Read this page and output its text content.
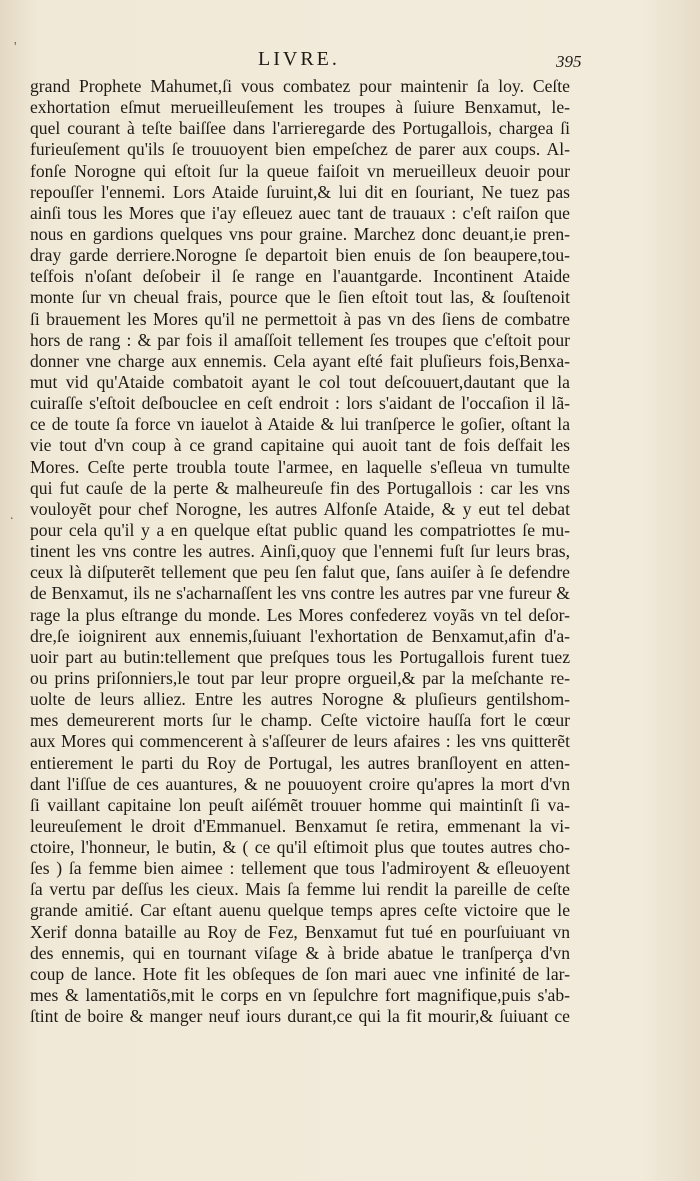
'
.
LIVRE.	395
grand Prophete Mahumet,ſi vous combatez pour maintenir ſa loy. Ceſte
exhortation eſmut merueilleuſement les troupes à ſuiure Benxamut, le-
quel courant à teſte baiſſee dans l'arrieregarde des Portugallois, chargea ſi
furieuſement qu'ils ſe trouuoyent bien empeſchez de parer aux coups. Al-
fonſe Norogne qui eſtoit ſur la queue faiſoit vn merueilleux deuoir pour
repouſſer l'ennemi. Lors Ataide ſuruint,& lui dit en ſouriant, Ne tuez pas
ainſi tous les Mores que i'ay eſleuez auec tant de trauaux : c'eſt raiſon que
nous en gardions quelques vns pour graine. Marchez donc deuant,ie pren-
dray garde derriere.Norogne ſe departoit bien enuis de ſon beaupere,tou-
teſfois n'oſant deſobeir il ſe range en l'auantgarde. Incontinent Ataide
monte ſur vn cheual frais, pource que le ſien eſtoit tout las, & ſouſtenoit
ſi brauement les Mores qu'il ne permettoit à pas vn des ſiens de combatre
hors de rang : & par fois il amaſſoit tellement ſes troupes que c'eſtoit pour
donner vne charge aux ennemis. Cela ayant eſté fait pluſieurs fois,Benxa-
mut vid qu'Ataide combatoit ayant le col tout deſcouuert,dautant que la
cuiraſſe s'eſtoit deſbouclee en ceſt endroit : lors s'aidant de l'occaſion il lã-
ce de toute ſa force vn iauelot à Ataide & lui tranſperce le goſier, oſtant la
vie tout d'vn coup à ce grand capitaine qui auoit tant de fois deſfait les
Mores. Ceſte perte troubla toute l'armee, en laquelle s'eſleua vn tumulte
qui fut cauſe de la perte & malheureuſe fin des Portugallois : car les vns
vouloyẽt pour chef Norogne, les autres Alfonſe Ataide, & y eut tel debat
pour cela qu'il y a en quelque eſtat public quand les compatriottes ſe mu-
tinent les vns contre les autres. Ainſi,quoy que l'ennemi fuſt ſur leurs bras,
ceux là diſputerẽt tellement que peu ſen falut que, ſans auiſer à ſe defendre
de Benxamut, ils ne s'acharnaſſent les vns contre les autres par vne fureur &
rage la plus eſtrange du monde. Les Mores confederez voyãs vn tel deſor-
dre,ſe ioignirent aux ennemis,ſuiuant l'exhortation de Benxamut,afin d'a-
uoir part au butin:tellement que preſques tous les Portugallois furent tuez
ou prins priſonniers,le tout par leur propre orgueil,& par la meſchante re-
uolte de leurs alliez. Entre les autres Norogne & pluſieurs gentilshom-
mes demeurerent morts ſur le champ. Ceſte victoire hauſſa fort le cœur
aux Mores qui commencerent à s'aſſeurer de leurs afaires : les vns quitterẽt
entierement le parti du Roy de Portugal, les autres branſloyent en atten-
dant l'iſſue de ces auantures, & ne pouuoyent croire qu'apres la mort d'vn
ſi vaillant capitaine lon peuſt aiſémẽt trouuer homme qui maintinſt ſi va-
leureuſement le droit d'Emmanuel. Benxamut ſe retira, emmenant la vi-
ctoire, l'honneur, le butin, & ( ce qu'il eſtimoit plus que toutes autres cho-
ſes ) ſa femme bien aimee : tellement que tous l'admiroyent & eſleuoyent
ſa vertu par deſſus les cieux. Mais ſa femme lui rendit la pareille de ceſte
grande amitié. Car eſtant auenu quelque temps apres ceſte victoire que le
Xerif donna bataille au Roy de Fez, Benxamut fut tué en pourſuiuant vn
des ennemis, qui en tournant viſage & à bride abatue le tranſperça d'vn
coup de lance. Hote fit les obſeques de ſon mari auec vne infinité de lar-
mes & lamentatiõs,mit le corps en vn ſepulchre fort magnifique,puis s'ab-
ſtint de boire & manger neuf iours durant,ce qui la fit mourir,& ſuiuant ce
